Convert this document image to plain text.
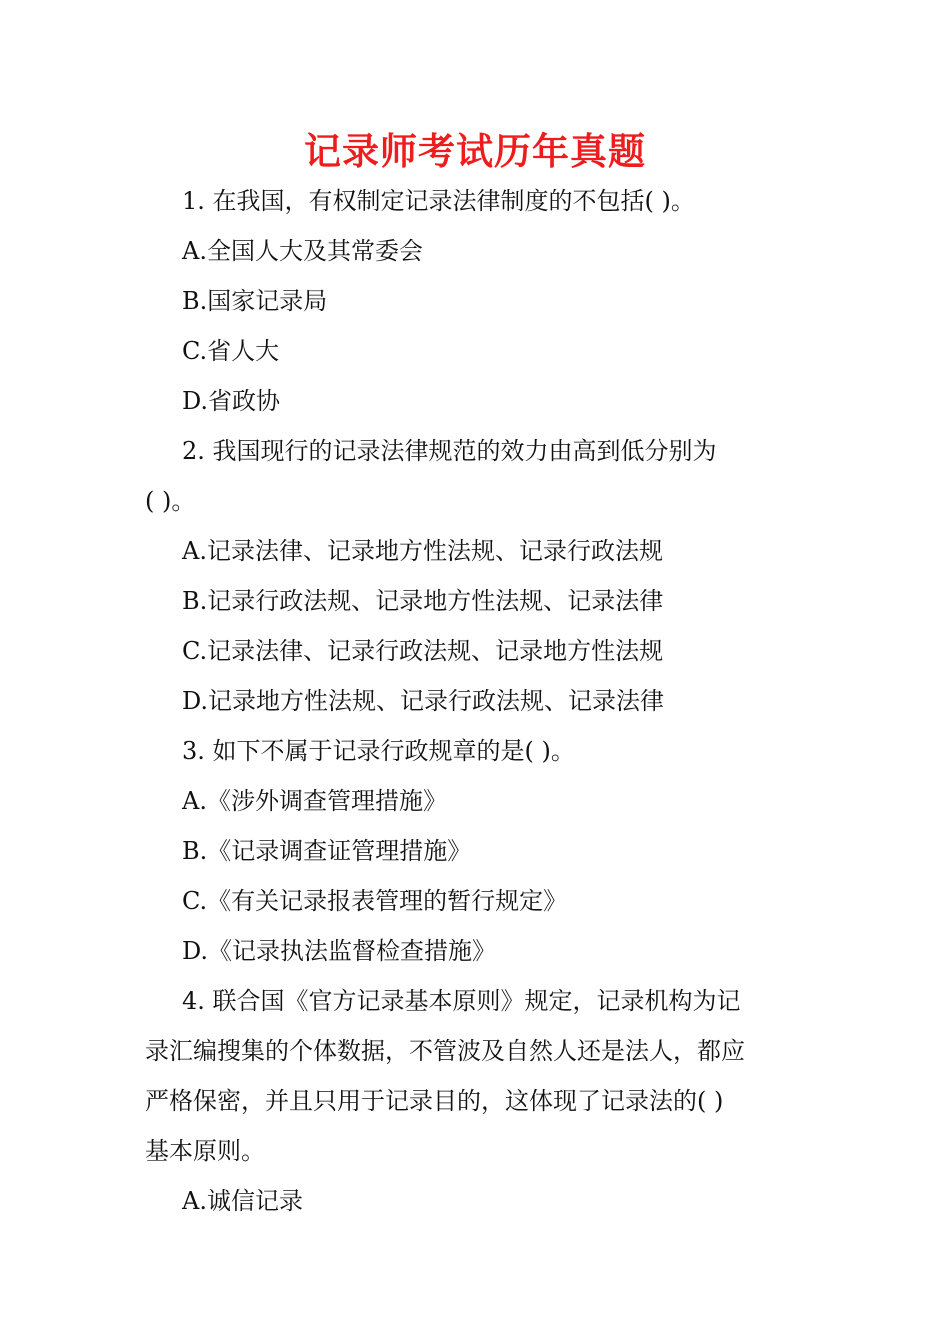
记录师考试历年真题
1. 在我国，有权制定记录法律制度的不包括( )。
A.全国人大及其常委会
B.国家记录局
C.省人大
D.省政协
2. 我国现行的记录法律规范的效力由高到低分别为
( )。
A.记录法律、记录地方性法规、记录行政法规
B.记录行政法规、记录地方性法规、记录法律
C.记录法律、记录行政法规、记录地方性法规
D.记录地方性法规、记录行政法规、记录法律
3. 如下不属于记录行政规章的是( )。
A.《涉外调查管理措施》
B.《记录调查证管理措施》
C.《有关记录报表管理的暂行规定》
D.《记录执法监督检查措施》
4. 联合国《官方记录基本原则》规定，记录机构为记
录汇编搜集的个体数据，不管波及自然人还是法人，都应
严格保密，并且只用于记录目的，这体现了记录法的( )
基本原则。
A.诚信记录
